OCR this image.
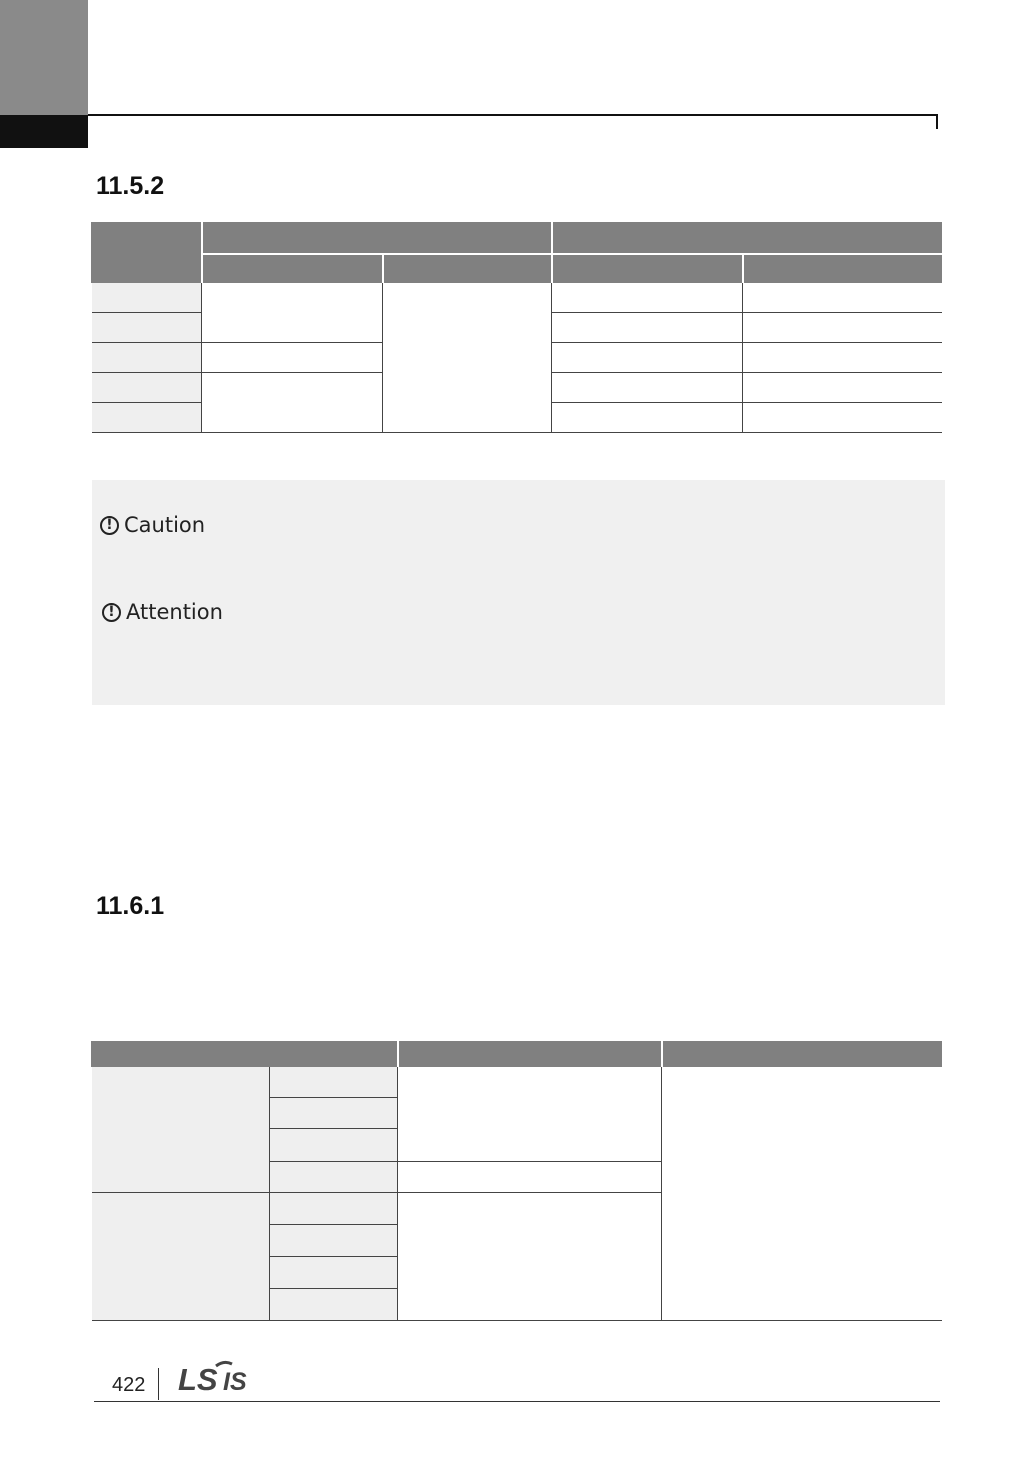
11.5.2

! Caution
! Attention
11.6.1

422 LS IS
